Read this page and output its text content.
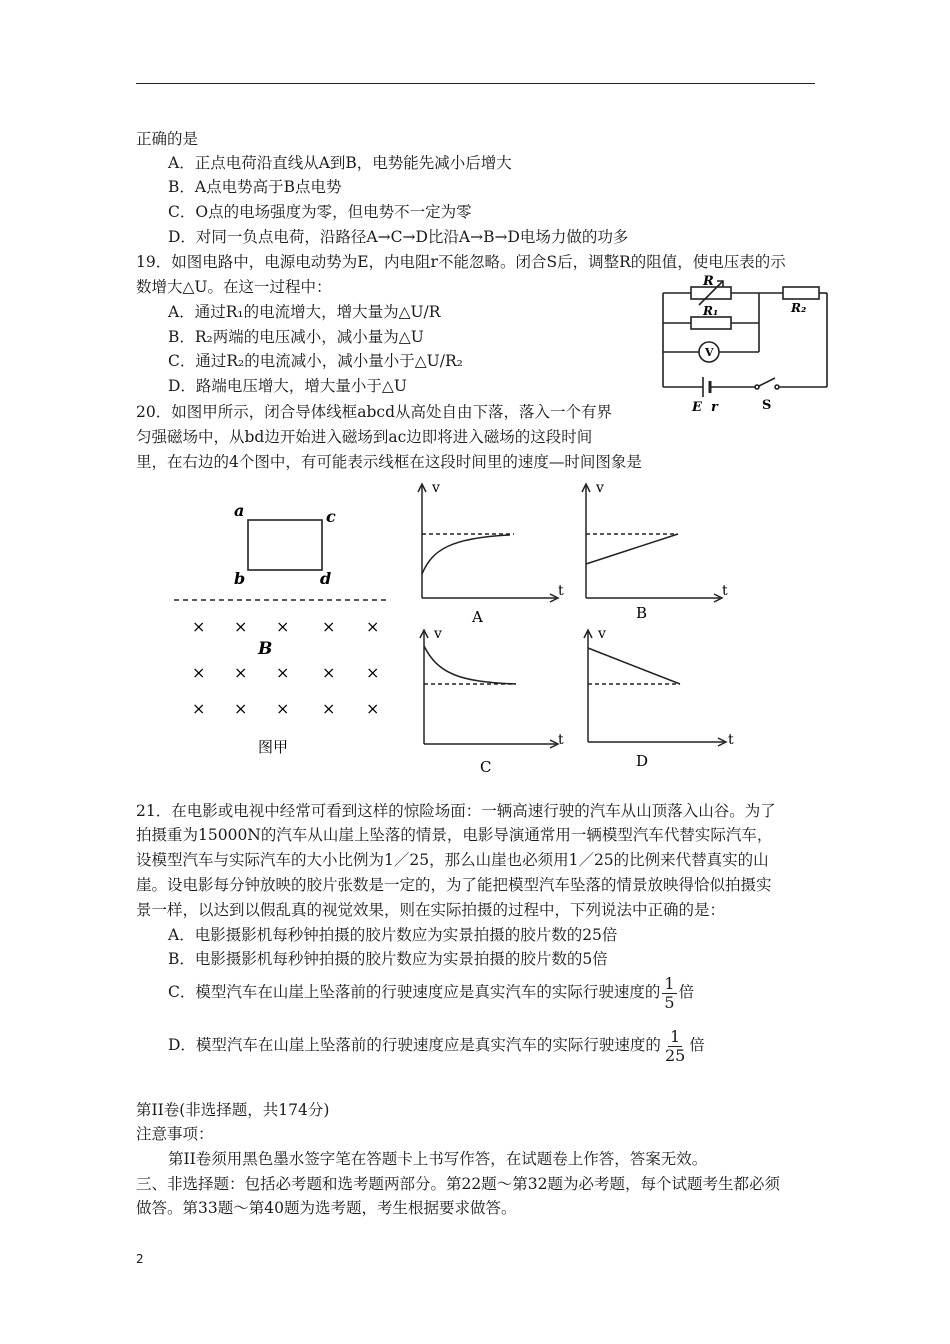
正确的是
A．正点电荷沿直线从A到B，电势能先减小后增大
B．A点电势高于B点电势
C．O点的电场强度为零，但电势不一定为零
D．对同一负点电荷，沿路径A→C→D比沿A→B→D电场力做的功多
19．如图电路中，电源电动势为E，内电阻r不能忽略。闭合S后，调整R的阻值，使电压表的示
数增大△U。在这一过程中：
A．通过R₁的电流增大，增大量为△U/R
B．R₂两端的电压减小，减小量为△U
C．通过R₂的电流减小，减小量小于△U/R₂
D．路端电压增大，增大量小于△U
R
R₁	R₂
V
E r	S
20．如图甲所示，闭合导体线框abcd从高处自由下落，落入一个有界
匀强磁场中，从bd边开始进入磁场到ac边即将进入磁场的这段时间
里，在右边的4个图中，有可能表示线框在这段时间里的速度—时间图象是
a	c
b	d
× × × × ×
× × × × ×
× × × × ×
B
图甲
v
t
A
v
t
B
v
t
C
v
t
D
21．在电影或电视中经常可看到这样的惊险场面：一辆高速行驶的汽车从山顶落入山谷。为了
拍摄重为15000N的汽车从山崖上坠落的情景，电影导演通常用一辆模型汽车代替实际汽车，
设模型汽车与实际汽车的大小比例为1／25，那么山崖也必须用1／25的比例来代替真实的山
崖。设电影每分钟放映的胶片张数是一定的，为了能把模型汽车坠落的情景放映得恰似拍摄实
景一样，以达到以假乱真的视觉效果，则在实际拍摄的过程中，下列说法中正确的是：
A．电影摄影机每秒钟拍摄的胶片数应为实景拍摄的胶片数的25倍
B．电影摄影机每秒钟拍摄的胶片数应为实景拍摄的胶片数的5倍
C．模型汽车在山崖上坠落前的行驶速度应是真实汽车的实际行驶速度的 $\frac{1}{5}$ 倍
D．模型汽车在山崖上坠落前的行驶速度应是真实汽车的实际行驶速度的 $\frac{1}{25}$ 倍
第II卷(非选择题，共174分)
注意事项：
第II卷须用黑色墨水签字笔在答题卡上书写作答，在试题卷上作答，答案无效。
三、非选择题：包括必考题和选考题两部分。第22题～第32题为必考题，每个试题考生都必须
做答。第33题～第40题为选考题，考生根据要求做答。
2
